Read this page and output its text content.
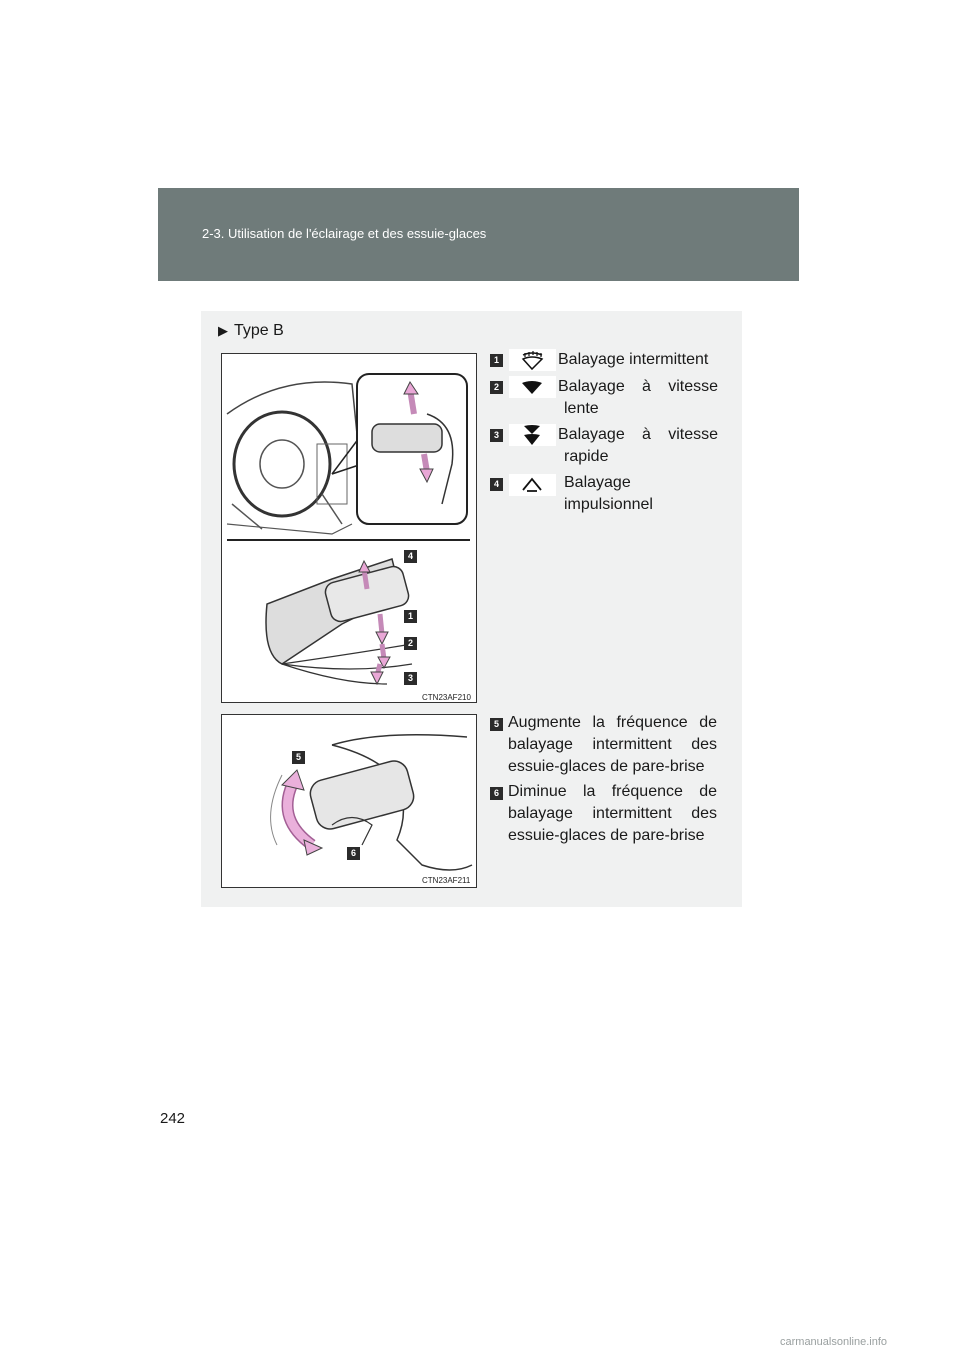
2-3. Utilisation de l'éclairage et des essuie-glaces
▶ Type B
CTN23AF210
4
1
2
3
CTN23AF211
5
6
1	Balayage intermittent
2	Balayage à vitesse
lente
3	Balayage à vitesse
rapide
4	Balayage
impulsionnel
5 Augmente la fréquence de
balayage intermittent des
essuie-glaces de pare-brise
6 Diminue la fréquence de
balayage intermittent des
essuie-glaces de pare-brise
242
carmanualsonline.info
